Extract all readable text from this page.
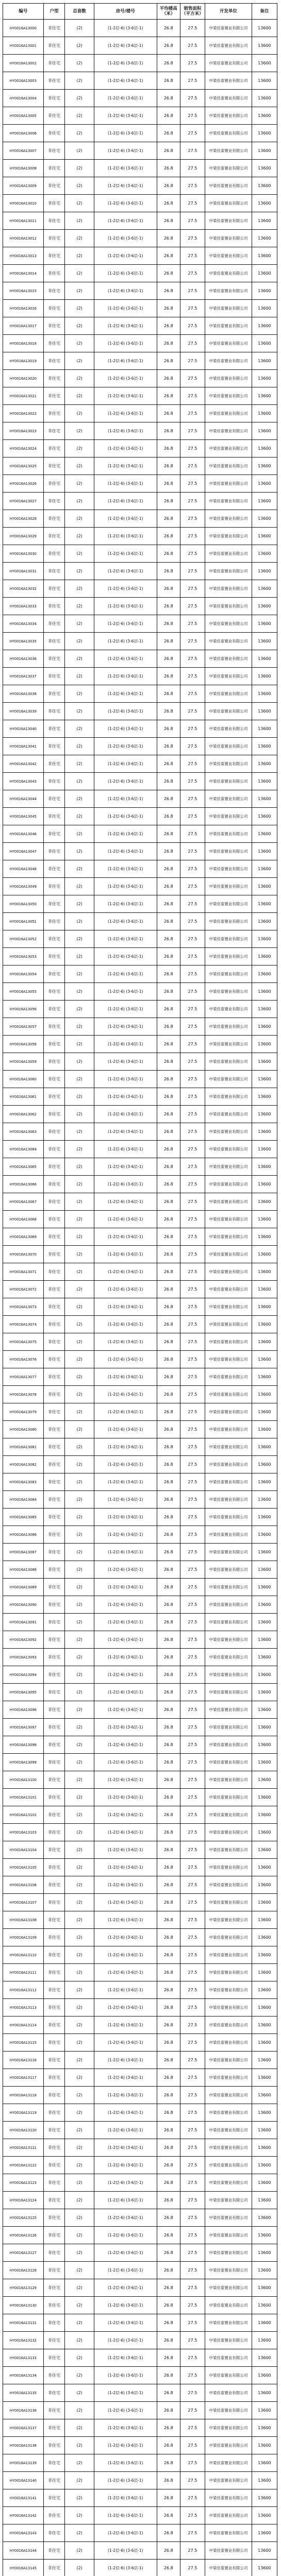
编号	户型	总套数	房号/楼号	平均楼高（米）	销售面积（平方米）	开发单位	备注
HY0016A13000	非住宅	(2)	(1-2层-6) (3-6层-1)	26.8	27.5	中梁佳泰置业有限公司	13600
HY0016A13001	非住宅	(2)	(1-2层-6) (3-6层-1)	26.8	27.5	中梁佳泰置业有限公司	13600
HY0016A13002	非住宅	(2)	(1-2层-6) (3-6层-1)	26.8	27.5	中梁佳泰置业有限公司	13600
HY0016A13003	非住宅	(2)	(1-2层-6) (3-6层-1)	26.8	27.5	中梁佳泰置业有限公司	13600
HY0016A13004	非住宅	(2)	(1-2层-6) (3-6层-1)	26.8	27.5	中梁佳泰置业有限公司	13600
HY0016A13005	非住宅	(2)	(1-2层-6) (3-6层-1)	26.8	27.5	中梁佳泰置业有限公司	13600
HY0016A13006	非住宅	(2)	(1-2层-6) (3-6层-1)	26.8	27.5	中梁佳泰置业有限公司	13600
HY0016A13007	非住宅	(2)	(1-2层-6) (3-6层-1)	26.8	27.5	中梁佳泰置业有限公司	13600
HY0016A13008	非住宅	(2)	(1-2层-6) (3-6层-1)	26.8	27.5	中梁佳泰置业有限公司	13600
HY0016A13009	非住宅	(2)	(1-2层-6) (3-6层-1)	26.8	27.5	中梁佳泰置业有限公司	13600
HY0016A13010	非住宅	(2)	(1-2层-6) (3-6层-1)	26.8	27.5	中梁佳泰置业有限公司	13600
HY0016A13011	非住宅	(2)	(1-2层-6) (3-6层-1)	26.8	27.5	中梁佳泰置业有限公司	13600
HY0016A13012	非住宅	(2)	(1-2层-6) (3-6层-1)	26.8	27.5	中梁佳泰置业有限公司	13600
HY0016A13013	非住宅	(2)	(1-2层-6) (3-6层-1)	26.8	27.5	中梁佳泰置业有限公司	13600
HY0016A13014	非住宅	(2)	(1-2层-6) (3-6层-1)	26.8	27.5	中梁佳泰置业有限公司	13600
HY0016A13015	非住宅	(2)	(1-2层-6) (3-6层-1)	26.8	27.5	中梁佳泰置业有限公司	13600
HY0016A13016	非住宅	(2)	(1-2层-6) (3-6层-1)	26.8	27.5	中梁佳泰置业有限公司	13600
HY0016A13017	非住宅	(2)	(1-2层-6) (3-6层-1)	26.8	27.5	中梁佳泰置业有限公司	13600
HY0016A13018	非住宅	(2)	(1-2层-6) (3-6层-1)	26.8	27.5	中梁佳泰置业有限公司	13600
HY0016A13019	非住宅	(2)	(1-2层-6) (3-6层-1)	26.8	27.5	中梁佳泰置业有限公司	13600
HY0016A13020	非住宅	(2)	(1-2层-6) (3-6层-1)	26.8	27.5	中梁佳泰置业有限公司	13600
HY0016A13021	非住宅	(2)	(1-2层-6) (3-6层-1)	26.8	27.5	中梁佳泰置业有限公司	13600
HY0016A13022	非住宅	(2)	(1-2层-6) (3-6层-1)	26.8	27.5	中梁佳泰置业有限公司	13600
HY0016A13023	非住宅	(2)	(1-2层-6) (3-6层-1)	26.8	27.5	中梁佳泰置业有限公司	13600
HY0016A13024	非住宅	(2)	(1-2层-6) (3-6层-1)	26.8	27.5	中梁佳泰置业有限公司	13600
HY0016A13025	非住宅	(2)	(1-2层-6) (3-6层-1)	26.8	27.5	中梁佳泰置业有限公司	13600
HY0016A13026	非住宅	(2)	(1-2层-6) (3-6层-1)	26.8	27.5	中梁佳泰置业有限公司	13600
HY0016A13027	非住宅	(2)	(1-2层-6) (3-6层-1)	26.8	27.5	中梁佳泰置业有限公司	13600
HY0016A13028	非住宅	(2)	(1-2层-6) (3-6层-1)	26.8	27.5	中梁佳泰置业有限公司	13600
HY0016A13029	非住宅	(2)	(1-2层-6) (3-6层-1)	26.8	27.5	中梁佳泰置业有限公司	13600
HY0016A13030	非住宅	(2)	(1-2层-6) (3-6层-1)	26.8	27.5	中梁佳泰置业有限公司	13600
HY0016A13031	非住宅	(2)	(1-2层-6) (3-6层-1)	26.8	27.5	中梁佳泰置业有限公司	13600
HY0016A13032	非住宅	(2)	(1-2层-6) (3-6层-1)	26.8	27.5	中梁佳泰置业有限公司	13600
HY0016A13033	非住宅	(2)	(1-2层-6) (3-6层-1)	26.8	27.5	中梁佳泰置业有限公司	13600
HY0016A13034	非住宅	(2)	(1-2层-6) (3-6层-1)	26.8	27.5	中梁佳泰置业有限公司	13600
HY0016A13035	非住宅	(2)	(1-2层-6) (3-6层-1)	26.8	27.5	中梁佳泰置业有限公司	13600
HY0016A13036	非住宅	(2)	(1-2层-6) (3-6层-1)	26.8	27.5	中梁佳泰置业有限公司	13600
HY0016A13037	非住宅	(2)	(1-2层-6) (3-6层-1)	26.8	27.5	中梁佳泰置业有限公司	13600
HY0016A13038	非住宅	(2)	(1-2层-6) (3-6层-1)	26.8	27.5	中梁佳泰置业有限公司	13600
HY0016A13039	非住宅	(2)	(1-2层-6) (3-6层-1)	26.8	27.5	中梁佳泰置业有限公司	13600
HY0016A13040	非住宅	(2)	(1-2层-6) (3-6层-1)	26.8	27.5	中梁佳泰置业有限公司	13600
HY0016A13041	非住宅	(2)	(1-2层-6) (3-6层-1)	26.8	27.5	中梁佳泰置业有限公司	13600
HY0016A13042	非住宅	(2)	(1-2层-6) (3-6层-1)	26.8	27.5	中梁佳泰置业有限公司	13600
HY0016A13043	非住宅	(2)	(1-2层-6) (3-6层-1)	26.8	27.5	中梁佳泰置业有限公司	13600
HY0016A13044	非住宅	(2)	(1-2层-6) (3-6层-1)	26.8	27.5	中梁佳泰置业有限公司	13600
HY0016A13045	非住宅	(2)	(1-2层-6) (3-6层-1)	26.8	27.5	中梁佳泰置业有限公司	13600
HY0016A13046	非住宅	(2)	(1-2层-6) (3-6层-1)	26.8	27.5	中梁佳泰置业有限公司	13600
HY0016A13047	非住宅	(2)	(1-2层-6) (3-6层-1)	26.8	27.5	中梁佳泰置业有限公司	13600
HY0016A13048	非住宅	(2)	(1-2层-6) (3-6层-1)	26.8	27.5	中梁佳泰置业有限公司	13600
HY0016A13049	非住宅	(2)	(1-2层-6) (3-6层-1)	26.8	27.5	中梁佳泰置业有限公司	13600
HY0016A13050	非住宅	(2)	(1-2层-6) (3-6层-1)	26.8	27.5	中梁佳泰置业有限公司	13600
HY0016A13051	非住宅	(2)	(1-2层-6) (3-6层-1)	26.8	27.5	中梁佳泰置业有限公司	13600
HY0016A13052	非住宅	(2)	(1-2层-6) (3-6层-1)	26.8	27.5	中梁佳泰置业有限公司	13600
HY0016A13053	非住宅	(2)	(1-2层-6) (3-6层-1)	26.8	27.5	中梁佳泰置业有限公司	13600
HY0016A13054	非住宅	(2)	(1-2层-6) (3-6层-1)	26.8	27.5	中梁佳泰置业有限公司	13600
HY0016A13055	非住宅	(2)	(1-2层-6) (3-6层-1)	26.8	27.5	中梁佳泰置业有限公司	13600
HY0016A13056	非住宅	(2)	(1-2层-6) (3-6层-1)	26.8	27.5	中梁佳泰置业有限公司	13600
HY0016A13057	非住宅	(2)	(1-2层-6) (3-6层-1)	26.8	27.5	中梁佳泰置业有限公司	13600
HY0016A13058	非住宅	(2)	(1-2层-6) (3-6层-1)	26.8	27.5	中梁佳泰置业有限公司	13600
HY0016A13059	非住宅	(2)	(1-2层-6) (3-6层-1)	26.8	27.5	中梁佳泰置业有限公司	13600
HY0016A13060	非住宅	(2)	(1-2层-6) (3-6层-1)	26.8	27.5	中梁佳泰置业有限公司	13600
HY0016A13061	非住宅	(2)	(1-2层-6) (3-6层-1)	26.8	27.5	中梁佳泰置业有限公司	13600
HY0016A13062	非住宅	(2)	(1-2层-6) (3-6层-1)	26.8	27.5	中梁佳泰置业有限公司	13600
HY0016A13063	非住宅	(2)	(1-2层-6) (3-6层-1)	26.8	27.5	中梁佳泰置业有限公司	13600
HY0016A13064	非住宅	(2)	(1-2层-6) (3-6层-1)	26.8	27.5	中梁佳泰置业有限公司	13600
HY0016A13065	非住宅	(2)	(1-2层-6) (3-6层-1)	26.8	27.5	中梁佳泰置业有限公司	13600
HY0016A13066	非住宅	(2)	(1-2层-6) (3-6层-1)	26.8	27.5	中梁佳泰置业有限公司	13600
HY0016A13067	非住宅	(2)	(1-2层-6) (3-6层-1)	26.8	27.5	中梁佳泰置业有限公司	13600
HY0016A13068	非住宅	(2)	(1-2层-6) (3-6层-1)	26.8	27.5	中梁佳泰置业有限公司	13600
HY0016A13069	非住宅	(2)	(1-2层-6) (3-6层-1)	26.8	27.5	中梁佳泰置业有限公司	13600
HY0016A13070	非住宅	(2)	(1-2层-6) (3-6层-1)	26.8	27.5	中梁佳泰置业有限公司	13600
HY0016A13071	非住宅	(2)	(1-2层-6) (3-6层-1)	26.8	27.5	中梁佳泰置业有限公司	13600
HY0016A13072	非住宅	(2)	(1-2层-6) (3-6层-1)	26.8	27.5	中梁佳泰置业有限公司	13600
HY0016A13073	非住宅	(2)	(1-2层-6) (3-6层-1)	26.8	27.5	中梁佳泰置业有限公司	13600
HY0016A13074	非住宅	(2)	(1-2层-6) (3-6层-1)	26.8	27.5	中梁佳泰置业有限公司	13600
HY0016A13075	非住宅	(2)	(1-2层-6) (3-6层-1)	26.8	27.5	中梁佳泰置业有限公司	13600
HY0016A13076	非住宅	(2)	(1-2层-6) (3-6层-1)	26.8	27.5	中梁佳泰置业有限公司	13600
HY0016A13077	非住宅	(2)	(1-2层-6) (3-6层-1)	26.8	27.5	中梁佳泰置业有限公司	13600
HY0016A13078	非住宅	(2)	(1-2层-6) (3-6层-1)	26.8	27.5	中梁佳泰置业有限公司	13600
HY0016A13079	非住宅	(2)	(1-2层-6) (3-6层-1)	26.8	27.5	中梁佳泰置业有限公司	13600
HY0016A13080	非住宅	(2)	(1-2层-6) (3-6层-1)	26.8	27.5	中梁佳泰置业有限公司	13600
HY0016A13081	非住宅	(2)	(1-2层-6) (3-6层-1)	26.8	27.5	中梁佳泰置业有限公司	13600
HY0016A13082	非住宅	(2)	(1-2层-6) (3-6层-1)	26.8	27.5	中梁佳泰置业有限公司	13600
HY0016A13083	非住宅	(2)	(1-2层-6) (3-6层-1)	26.8	27.5	中梁佳泰置业有限公司	13600
HY0016A13084	非住宅	(2)	(1-2层-6) (3-6层-1)	26.8	27.5	中梁佳泰置业有限公司	13600
HY0016A13085	非住宅	(2)	(1-2层-6) (3-6层-1)	26.8	27.5	中梁佳泰置业有限公司	13600
HY0016A13086	非住宅	(2)	(1-2层-6) (3-6层-1)	26.8	27.5	中梁佳泰置业有限公司	13600
HY0016A13087	非住宅	(2)	(1-2层-6) (3-6层-1)	26.8	27.5	中梁佳泰置业有限公司	13600
HY0016A13088	非住宅	(2)	(1-2层-6) (3-6层-1)	26.8	27.5	中梁佳泰置业有限公司	13600
HY0016A13089	非住宅	(2)	(1-2层-6) (3-6层-1)	26.8	27.5	中梁佳泰置业有限公司	13600
HY0016A13090	非住宅	(2)	(1-2层-6) (3-6层-1)	26.8	27.5	中梁佳泰置业有限公司	13600
HY0016A13091	非住宅	(2)	(1-2层-6) (3-6层-1)	26.8	27.5	中梁佳泰置业有限公司	13600
HY0016A13092	非住宅	(2)	(1-2层-6) (3-6层-1)	26.8	27.5	中梁佳泰置业有限公司	13600
HY0016A13093	非住宅	(2)	(1-2层-6) (3-6层-1)	26.8	27.5	中梁佳泰置业有限公司	13600
HY0016A13094	非住宅	(2)	(1-2层-6) (3-6层-1)	26.8	27.5	中梁佳泰置业有限公司	13600
HY0016A13095	非住宅	(2)	(1-2层-6) (3-6层-1)	26.8	27.5	中梁佳泰置业有限公司	13600
HY0016A13096	非住宅	(2)	(1-2层-6) (3-6层-1)	26.8	27.5	中梁佳泰置业有限公司	13600
HY0016A13097	非住宅	(2)	(1-2层-6) (3-6层-1)	26.8	27.5	中梁佳泰置业有限公司	13600
HY0016A13098	非住宅	(2)	(1-2层-6) (3-6层-1)	26.8	27.5	中梁佳泰置业有限公司	13600
HY0016A13099	非住宅	(2)	(1-2层-6) (3-6层-1)	26.8	27.5	中梁佳泰置业有限公司	13600
HY0016A13100	非住宅	(2)	(1-2层-6) (3-6层-1)	26.8	27.5	中梁佳泰置业有限公司	13600
HY0016A13101	非住宅	(2)	(1-2层-6) (3-6层-1)	26.8	27.5	中梁佳泰置业有限公司	13600
HY0016A13102	非住宅	(2)	(1-2层-6) (3-6层-1)	26.8	27.5	中梁佳泰置业有限公司	13600
HY0016A13103	非住宅	(2)	(1-2层-6) (3-6层-1)	26.8	27.5	中梁佳泰置业有限公司	13600
HY0016A13104	非住宅	(2)	(1-2层-6) (3-6层-1)	26.8	27.5	中梁佳泰置业有限公司	13600
HY0016A13105	非住宅	(2)	(1-2层-6) (3-6层-1)	26.8	27.5	中梁佳泰置业有限公司	13600
HY0016A13106	非住宅	(2)	(1-2层-6) (3-6层-1)	26.8	27.5	中梁佳泰置业有限公司	13600
HY0016A13107	非住宅	(2)	(1-2层-6) (3-6层-1)	26.8	27.5	中梁佳泰置业有限公司	13600
HY0016A13108	非住宅	(2)	(1-2层-6) (3-6层-1)	26.8	27.5	中梁佳泰置业有限公司	13600
HY0016A13109	非住宅	(2)	(1-2层-6) (3-6层-1)	26.8	27.5	中梁佳泰置业有限公司	13600
HY0016A13110	非住宅	(2)	(1-2层-6) (3-6层-1)	26.8	27.5	中梁佳泰置业有限公司	13600
HY0016A13111	非住宅	(2)	(1-2层-6) (3-6层-1)	26.8	27.5	中梁佳泰置业有限公司	13600
HY0016A13112	非住宅	(2)	(1-2层-6) (3-6层-1)	26.8	27.5	中梁佳泰置业有限公司	13600
HY0016A13113	非住宅	(2)	(1-2层-6) (3-6层-1)	26.8	27.5	中梁佳泰置业有限公司	13600
HY0016A13114	非住宅	(2)	(1-2层-6) (3-6层-1)	26.8	27.5	中梁佳泰置业有限公司	13600
HY0016A13115	非住宅	(2)	(1-2层-6) (3-6层-1)	26.8	27.5	中梁佳泰置业有限公司	13600
HY0016A13116	非住宅	(2)	(1-2层-6) (3-6层-1)	26.8	27.5	中梁佳泰置业有限公司	13600
HY0016A13117	非住宅	(2)	(1-2层-6) (3-6层-1)	26.8	27.5	中梁佳泰置业有限公司	13600
HY0016A13118	非住宅	(2)	(1-2层-6) (3-6层-1)	26.8	27.5	中梁佳泰置业有限公司	13600
HY0016A13119	非住宅	(2)	(1-2层-6) (3-6层-1)	26.8	27.5	中梁佳泰置业有限公司	13600
HY0016A13120	非住宅	(2)	(1-2层-6) (3-6层-1)	26.8	27.5	中梁佳泰置业有限公司	13600
HY0016A13121	非住宅	(2)	(1-2层-6) (3-6层-1)	26.8	27.5	中梁佳泰置业有限公司	13600
HY0016A13122	非住宅	(2)	(1-2层-6) (3-6层-1)	26.8	27.5	中梁佳泰置业有限公司	13600
HY0016A13123	非住宅	(2)	(1-2层-6) (3-6层-1)	26.8	27.5	中梁佳泰置业有限公司	13600
HY0016A13124	非住宅	(2)	(1-2层-6) (3-6层-1)	26.8	27.5	中梁佳泰置业有限公司	13600
HY0016A13125	非住宅	(2)	(1-2层-6) (3-6层-1)	26.8	27.5	中梁佳泰置业有限公司	13600
HY0016A13126	非住宅	(2)	(1-2层-6) (3-6层-1)	26.8	27.5	中梁佳泰置业有限公司	13600
HY0016A13127	非住宅	(2)	(1-2层-6) (3-6层-1)	26.8	27.5	中梁佳泰置业有限公司	13600
HY0016A13128	非住宅	(2)	(1-2层-6) (3-6层-1)	26.8	27.5	中梁佳泰置业有限公司	13600
HY0016A13129	非住宅	(2)	(1-2层-6) (3-6层-1)	26.8	27.5	中梁佳泰置业有限公司	13600
HY0016A13130	非住宅	(2)	(1-2层-6) (3-6层-1)	26.8	27.5	中梁佳泰置业有限公司	13600
HY0016A13131	非住宅	(2)	(1-2层-6) (3-6层-1)	26.8	27.5	中梁佳泰置业有限公司	13600
HY0016A13132	非住宅	(2)	(1-2层-6) (3-6层-1)	26.8	27.5	中梁佳泰置业有限公司	13600
HY0016A13133	非住宅	(2)	(1-2层-6) (3-6层-1)	26.8	27.5	中梁佳泰置业有限公司	13600
HY0016A13134	非住宅	(2)	(1-2层-6) (3-6层-1)	26.8	27.5	中梁佳泰置业有限公司	13600
HY0016A13135	非住宅	(2)	(1-2层-6) (3-6层-1)	26.8	27.5	中梁佳泰置业有限公司	13600
HY0016A13136	非住宅	(2)	(1-2层-6) (3-6层-1)	26.8	27.5	中梁佳泰置业有限公司	13600
HY0016A13137	非住宅	(2)	(1-2层-6) (3-6层-1)	26.8	27.5	中梁佳泰置业有限公司	13600
HY0016A13138	非住宅	(2)	(1-2层-6) (3-6层-1)	26.8	27.5	中梁佳泰置业有限公司	13600
HY0016A13139	非住宅	(2)	(1-2层-6) (3-6层-1)	26.8	27.5	中梁佳泰置业有限公司	13600
HY0016A13140	非住宅	(2)	(1-2层-6) (3-6层-1)	26.8	27.5	中梁佳泰置业有限公司	13600
HY0016A13141	非住宅	(2)	(1-2层-6) (3-6层-1)	26.8	27.5	中梁佳泰置业有限公司	13600
HY0016A13142	非住宅	(2)	(1-2层-6) (3-6层-1)	26.8	27.5	中梁佳泰置业有限公司	13600
HY0016A13143	非住宅	(2)	(1-2层-6) (3-6层-1)	26.8	27.5	中梁佳泰置业有限公司	13600
HY0016A13144	非住宅	(2)	(1-2层-6) (3-6层-1)	26.8	27.5	中梁佳泰置业有限公司	13600
HY0016A13145	非住宅	(2)	(1-2层-6) (3-6层-1)	26.8	27.5	中梁佳泰置业有限公司	13600
